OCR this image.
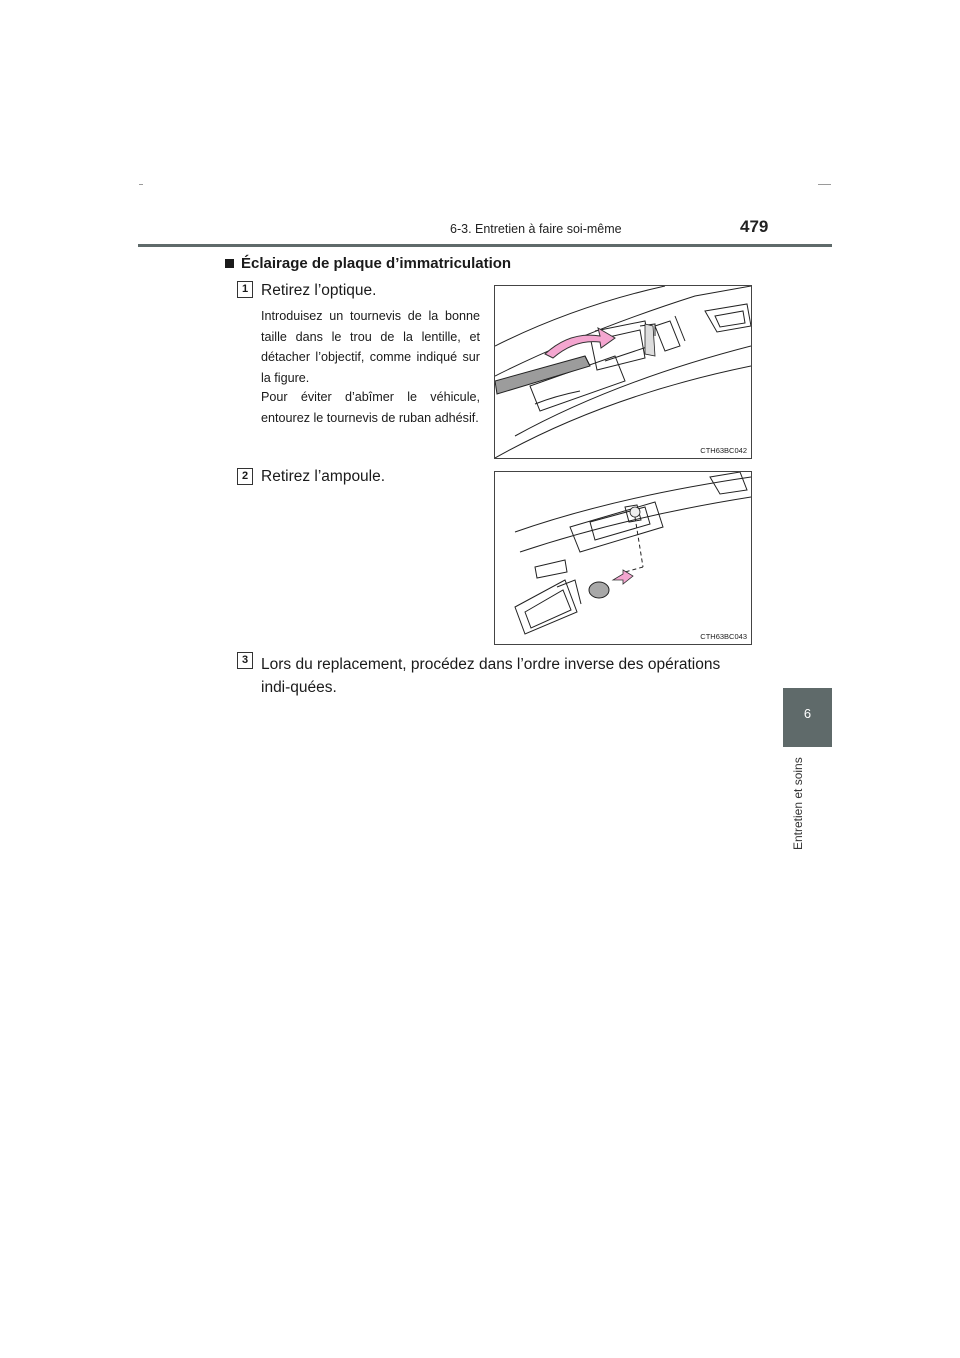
6-3. Entretien à faire soi-même	479
6
Entretien et soins
Éclairage de plaque d’immatriculation
1 Retirez l’optique.
Introduisez un tournevis de la bonne taille dans le trou de la lentille, et détacher l’objectif, comme indiqué sur la figure.
Pour éviter d’abîmer le véhicule, entourez le tournevis de ruban adhésif.
CTH63BC042
2 Retirez l’ampoule.
CTH63BC043
3 Lors du replacement, procédez dans l’ordre inverse des opérations indi-quées.
